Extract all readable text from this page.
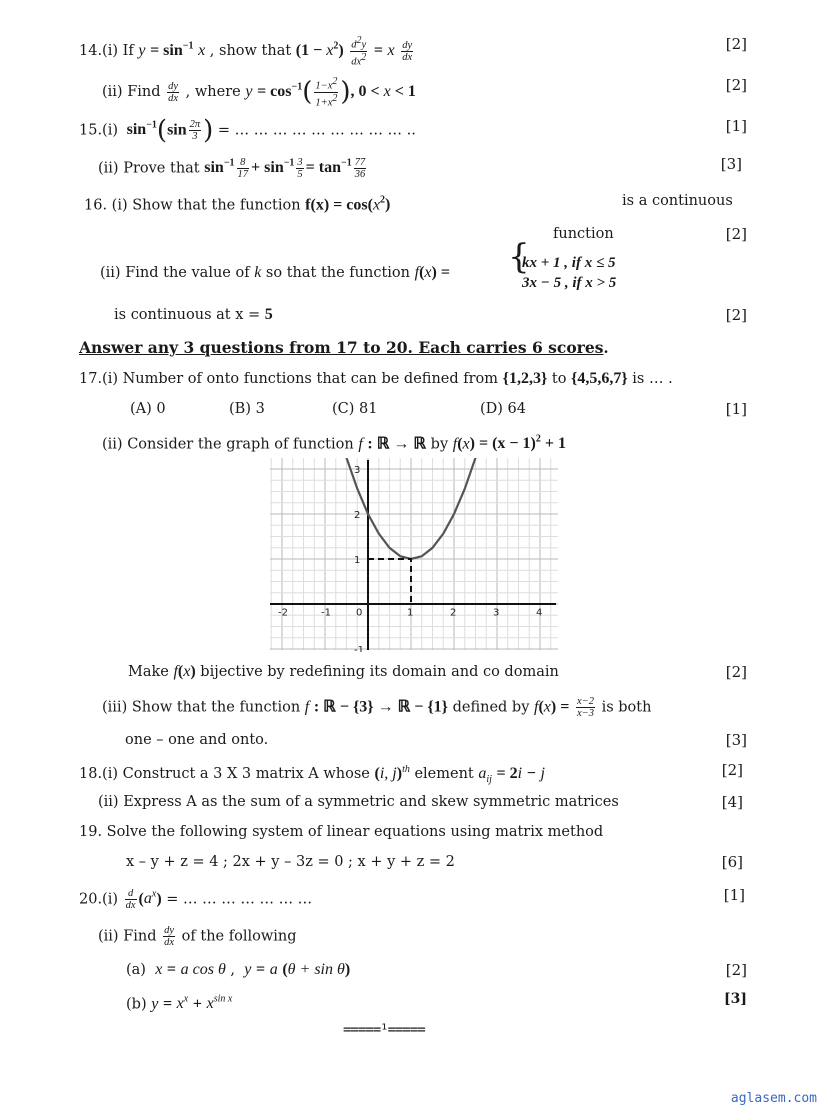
14.(i) If $y = \sin^{-1} x$ , show that $(1 - x^2) \frac{d^2y}{dx^2} = x \frac{dy}{dx}$	[2]
(ii) Find $\frac{dy}{dx}$ , where $y = \cos^{-1}( \frac{1-x^2}{1+x^2}$ ), 0 < x < 1	[2]
15.(i)  $\sin^{-1}(\sin \frac{2\pi}{3}$ ) = … … … … … … … … … ..	[1]
(ii) Prove that $\sin^{-1} \frac{8}{17} + \sin^{-1} \frac{3}{5} = \tan^{-1} \frac{77}{36}$	[3]
16. (i) Show that the function $f(x) = \cos(x^2)$	is a continuous
function	[2]
(ii) Find the value of k so that the function f(x) = {
kx + 1 , if x ≤ 5
3x − 5 , if x > 5
is continuous at x = 5	[2]
Answer any 3 questions from 17 to 20. Each carries 6 scores.
17.(i) Number of onto functions that can be defined from {1,2,3} to {4,5,6,7} is … .
(A) 0	(B) 3	(C) 81	(D) 64	[1]
(ii) Consider the graph of function f : ℝ → ℝ by $f(x) = (x - 1)^2 + 1$
-2	-1	0	1	2	3	4
3
2
1
-1
Make f(x) bijective by redefining its domain and co domain	[2]
(iii) Show that the function f : ℝ − {3} → ℝ − {1} defined by $f(x) = \frac{x-2}{x-3}$ is both
one – one and onto.	[3]
18.(i) Construct a 3 X 3 matrix A whose (i, j)$^{th}$ element $a_{ij} = 2i - j$	[2]
(ii) Express A as the sum of a symmetric and skew symmetric matrices	[4]
19. Solve the following system of linear equations using matrix method
x – y + z = 4 ; 2x + y – 3z = 0 ; x + y + z = 2	[6]
$20.(i) \frac{d}{dx} (a^x)$ = … … … … … … …	[1]
(ii) Find $\frac{dy}{dx}$ of the following
(a) x = a cos θ ,  y = a (θ + sin θ)	[2]
(b) $y = x^x + x^{sin x}$	[3]
=====¹=====
aglasem.com
